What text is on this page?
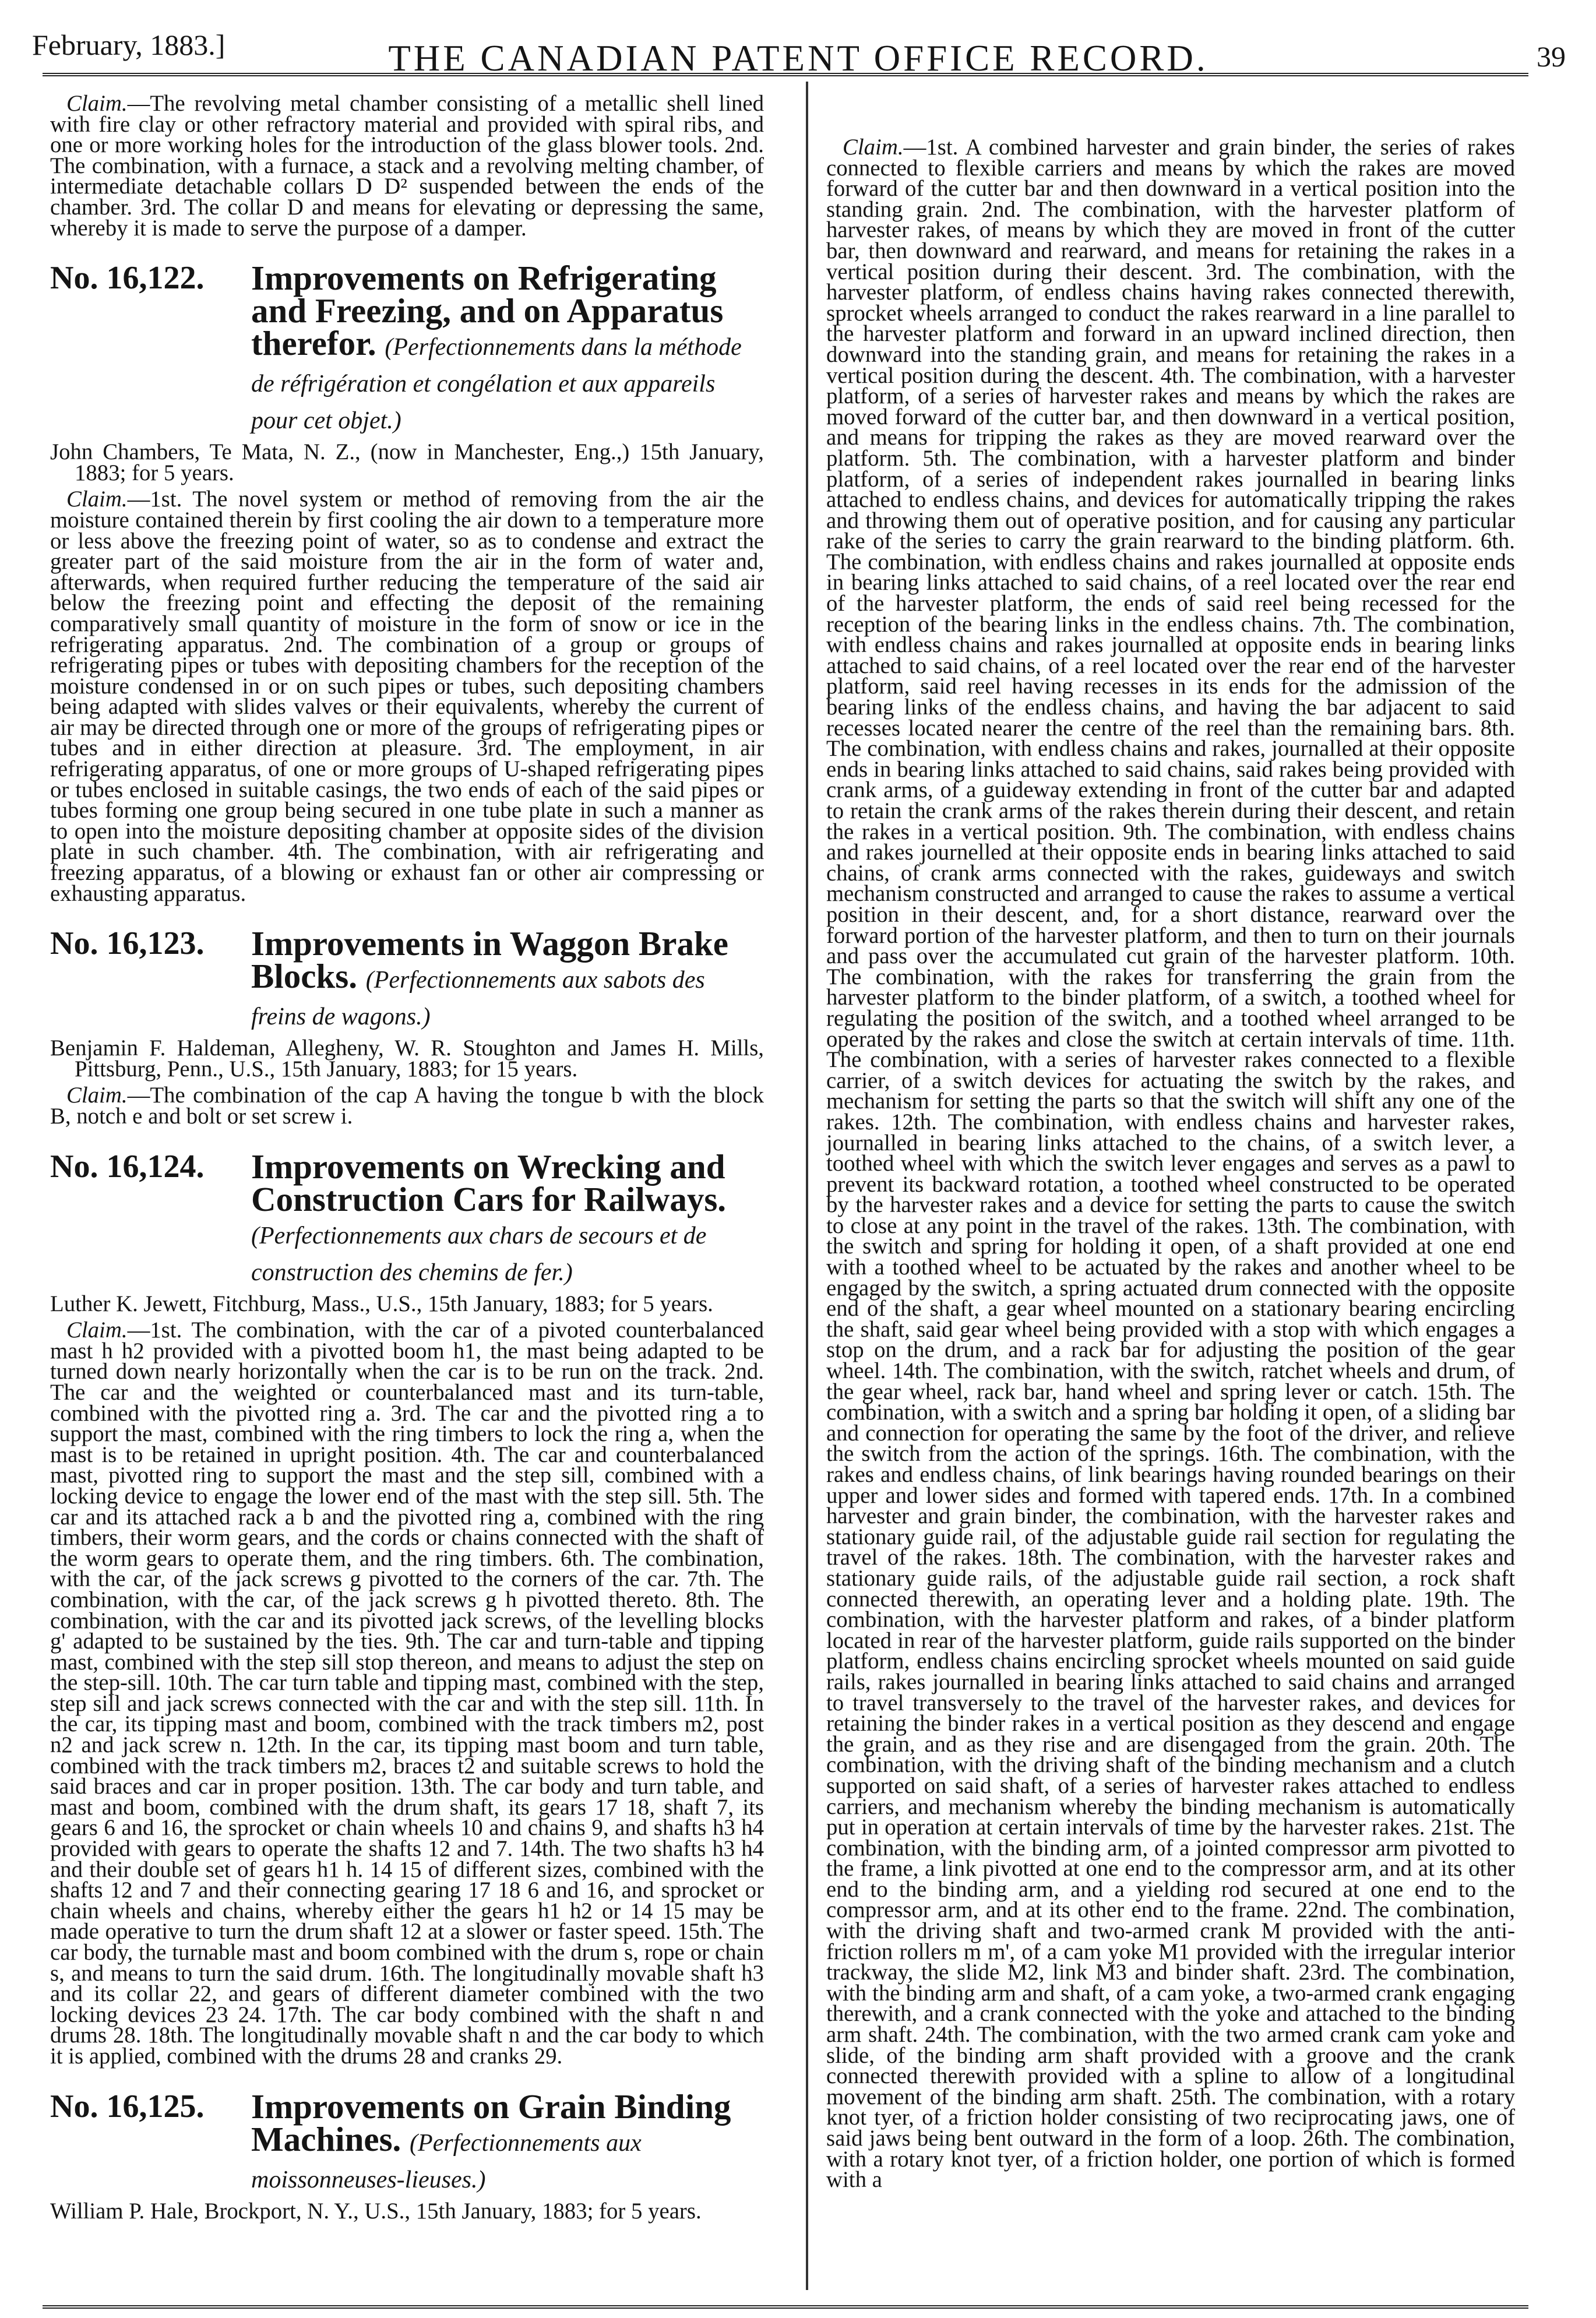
February, 1883.]	THE CANADIAN PATENT OFFICE RECORD.	39

Claim.—The revolving metal chamber consisting of a metallic shell lined with fire clay or other refractory material and provided with spiral ribs, and one or more working holes for the introduction of the glass blower tools. 2nd. The combination, with a furnace, a stack and a revolving melting chamber, of intermediate detachable collars D D² suspended between the ends of the chamber. 3rd. The collar D and means for elevating or depressing the same, whereby it is made to serve the purpose of a damper.

No. 16,122. Improvements on Refrigerating and Freezing, and on Apparatus therefor. (Perfectionnements dans la méthode de réfrigération et congélation et aux appareils pour cet objet.)

John Chambers, Te Mata, N. Z., (now in Manchester, Eng.,) 15th January, 1883; for 5 years.

Claim.—1st. The novel system or method of removing from the air the moisture contained therein by first cooling the air down to a temperature more or less above the freezing point of water, so as to condense and extract the greater part of the said moisture from the air in the form of water and, afterwards, when required further reducing the temperature of the said air below the freezing point and effecting the deposit of the remaining comparatively small quantity of moisture in the form of snow or ice in the refrigerating apparatus. 2nd. The combination of a group or groups of refrigerating pipes or tubes with depositing chambers for the reception of the moisture condensed in or on such pipes or tubes, such depositing chambers being adapted with slides valves or their equivalents, whereby the current of air may be directed through one or more of the groups of refrigerating pipes or tubes and in either direction at pleasure. 3rd. The employment, in air refrigerating apparatus, of one or more groups of U-shaped refrigerating pipes or tubes enclosed in suitable casings, the two ends of each of the said pipes or tubes forming one group being secured in one tube plate in such a manner as to open into the moisture depositing chamber at opposite sides of the division plate in such chamber. 4th. The combination, with air refrigerating and freezing apparatus, of a blowing or exhaust fan or other air compressing or exhausting apparatus.

No. 16,123. Improvements in Waggon Brake Blocks. (Perfectionnements aux sabots des freins de wagons.)

Benjamin F. Haldeman, Allegheny, W. R. Stoughton and James H. Mills, Pittsburg, Penn., U.S., 15th January, 1883; for 15 years.

Claim.—The combination of the cap A having the tongue b with the block B, notch e and bolt or set screw i.

No. 16,124. Improvements on Wrecking and Construction Cars for Railways. (Perfectionnements aux chars de secours et de construction des chemins de fer.)

Luther K. Jewett, Fitchburg, Mass., U.S., 15th January, 1883; for 5 years.

Claim.—1st. The combination, with the car of a pivoted counterbalanced mast h h2 provided with a pivotted boom h1, the mast being adapted to be turned down nearly horizontally when the car is to be run on the track. 2nd. The car and the weighted or counterbalanced mast and its turn-table, combined with the pivotted ring a. 3rd. The car and the pivotted ring a to support the mast, combined with the ring timbers to lock the ring a, when the mast is to be retained in upright position. 4th. The car and counterbalanced mast, pivotted ring to support the mast and the step sill, combined with a locking device to engage the lower end of the mast with the step sill. 5th. The car and its attached rack a b and the pivotted ring a, combined with the ring timbers, their worm gears, and the cords or chains connected with the shaft of the worm gears to operate them, and the ring timbers. 6th. The combination, with the car, of the jack screws g pivotted to the corners of the car. 7th. The combination, with the car, of the jack screws g h pivotted thereto. 8th. The combination, with the car and its pivotted jack screws, of the levelling blocks g' adapted to be sustained by the ties. 9th. The car and turn-table and tipping mast, combined with the step sill stop thereon, and means to adjust the step on the step-sill. 10th. The car turn table and tipping mast, combined with the step, step sill and jack screws connected with the car and with the step sill. 11th. In the car, its tipping mast and boom, combined with the track timbers m2, post n2 and jack screw n. 12th. In the car, its tipping mast boom and turn table, combined with the track timbers m2, braces t2 and suitable screws to hold the said braces and car in proper position. 13th. The car body and turn table, and mast and boom, combined with the drum shaft, its gears 17 18, shaft 7, its gears 6 and 16, the sprocket or chain wheels 10 and chains 9, and shafts h3 h4 provided with gears to operate the shafts 12 and 7. 14th. The two shafts h3 h4 and their double set of gears h1 h. 14 15 of different sizes, combined with the shafts 12 and 7 and their connecting gearing 17 18 6 and 16, and sprocket or chain wheels and chains, whereby either the gears h1 h2 or 14 15 may be made operative to turn the drum shaft 12 at a slower or faster speed. 15th. The car body, the turnable mast and boom combined with the drum s, rope or chain s, and means to turn the said drum. 16th. The longitudinally movable shaft h3 and its collar 22, and gears of different diameter combined with the two locking devices 23 24. 17th. The car body combined with the shaft n and drums 28. 18th. The longitudinally movable shaft n and the car body to which it is applied, combined with the drums 28 and cranks 29.

No. 16,125. Improvements on Grain Binding Machines. (Perfectionnements aux moissonneuses-lieuses.)

William P. Hale, Brockport, N. Y., U.S., 15th January, 1883; for 5 years.

Claim.—1st. A combined harvester and grain binder, the series of rakes connected to flexible carriers and means by which the rakes are moved forward of the cutter bar and then downward in a vertical position into the standing grain. 2nd. The combination, with the harvester platform of harvester rakes, of means by which they are moved in front of the cutter bar, then downward and rearward, and means for retaining the rakes in a vertical position during their descent. 3rd. The combination, with the harvester platform, of endless chains having rakes connected therewith, sprocket wheels arranged to conduct the rakes rearward in a line parallel to the harvester platform and forward in an upward inclined direction, then downward into the standing grain, and means for retaining the rakes in a vertical position during the descent. 4th. The combination, with a harvester platform, of a series of harvester rakes and means by which the rakes are moved forward of the cutter bar, and then downward in a vertical position, and means for tripping the rakes as they are moved rearward over the platform. 5th. The combination, with a harvester platform and binder platform, of a series of independent rakes journalled in bearing links attached to endless chains, and devices for automatically tripping the rakes and throwing them out of operative position, and for causing any particular rake of the series to carry the grain rearward to the binding platform. 6th. The combination, with endless chains and rakes journalled at opposite ends in bearing links attached to said chains, of a reel located over the rear end of the harvester platform, the ends of said reel being recessed for the reception of the bearing links in the endless chains. 7th. The combination, with endless chains and rakes journalled at opposite ends in bearing links attached to said chains, of a reel located over the rear end of the harvester platform, said reel having recesses in its ends for the admission of the bearing links of the endless chains, and having the bar adjacent to said recesses located nearer the centre of the reel than the remaining bars. 8th. The combination, with endless chains and rakes, journalled at their opposite ends in bearing links attached to said chains, said rakes being provided with crank arms, of a guideway extending in front of the cutter bar and adapted to retain the crank arms of the rakes therein during their descent, and retain the rakes in a vertical position. 9th. The combination, with endless chains and rakes journelled at their opposite ends in bearing links attached to said chains, of crank arms connected with the rakes, guideways and switch mechanism constructed and arranged to cause the rakes to assume a vertical position in their descent, and, for a short distance, rearward over the forward portion of the harvester platform, and then to turn on their journals and pass over the accumulated cut grain of the harvester platform. 10th. The combination, with the rakes for transferring the grain from the harvester platform to the binder platform, of a switch, a toothed wheel for regulating the position of the switch, and a toothed wheel arranged to be operated by the rakes and close the switch at certain intervals of time. 11th. The combination, with a series of harvester rakes connected to a flexible carrier, of a switch devices for actuating the switch by the rakes, and mechanism for setting the parts so that the switch will shift any one of the rakes. 12th. The combination, with endless chains and harvester rakes, journalled in bearing links attached to the chains, of a switch lever, a toothed wheel with which the switch lever engages and serves as a pawl to prevent its backward rotation, a toothed wheel constructed to be operated by the harvester rakes and a device for setting the parts to cause the switch to close at any point in the travel of the rakes. 13th. The combination, with the switch and spring for holding it open, of a shaft provided at one end with a toothed wheel to be actuated by the rakes and another wheel to be engaged by the switch, a spring actuated drum connected with the opposite end of the shaft, a gear wheel mounted on a stationary bearing encircling the shaft, said gear wheel being provided with a stop with which engages a stop on the drum, and a rack bar for adjusting the position of the gear wheel. 14th. The combination, with the switch, ratchet wheels and drum, of the gear wheel, rack bar, hand wheel and spring lever or catch. 15th. The combination, with a switch and a spring bar holding it open, of a sliding bar and connection for operating the same by the foot of the driver, and relieve the switch from the action of the springs. 16th. The combination, with the rakes and endless chains, of link bearings having rounded bearings on their upper and lower sides and formed with tapered ends. 17th. In a combined harvester and grain binder, the combination, with the harvester rakes and stationary guide rail, of the adjustable guide rail section for regulating the travel of the rakes. 18th. The combination, with the harvester rakes and stationary guide rails, of the adjustable guide rail section, a rock shaft connected therewith, an operating lever and a holding plate. 19th. The combination, with the harvester platform and rakes, of a binder platform located in rear of the harvester platform, guide rails supported on the binder platform, endless chains encircling sprocket wheels mounted on said guide rails, rakes journalled in bearing links attached to said chains and arranged to travel transversely to the travel of the harvester rakes, and devices for retaining the binder rakes in a vertical position as they descend and engage the grain, and as they rise and are disengaged from the grain. 20th. The combination, with the driving shaft of the binding mechanism and a clutch supported on said shaft, of a series of harvester rakes attached to endless carriers, and mechanism whereby the binding mechanism is automatically put in operation at certain intervals of time by the harvester rakes. 21st. The combination, with the binding arm, of a jointed compressor arm pivotted to the frame, a link pivotted at one end to the compressor arm, and at its other end to the binding arm, and a yielding rod secured at one end to the compressor arm, and at its other end to the frame. 22nd. The combination, with the driving shaft and two-armed crank M provided with the anti-friction rollers m m', of a cam yoke M1 provided with the irregular interior trackway, the slide M2, link M3 and binder shaft. 23rd. The combination, with the binding arm and shaft, of a cam yoke, a two-armed crank engaging therewith, and a crank connected with the yoke and attached to the binding arm shaft. 24th. The combination, with the two armed crank cam yoke and slide, of the binding arm shaft provided with a groove and the crank connected therewith provided with a spline to allow of a longitudinal movement of the binding arm shaft. 25th. The combination, with a rotary knot tyer, of a friction holder consisting of two reciprocating jaws, one of said jaws being bent outward in the form of a loop. 26th. The combination, with a rotary knot tyer, of a friction holder, one portion of which is formed with a
